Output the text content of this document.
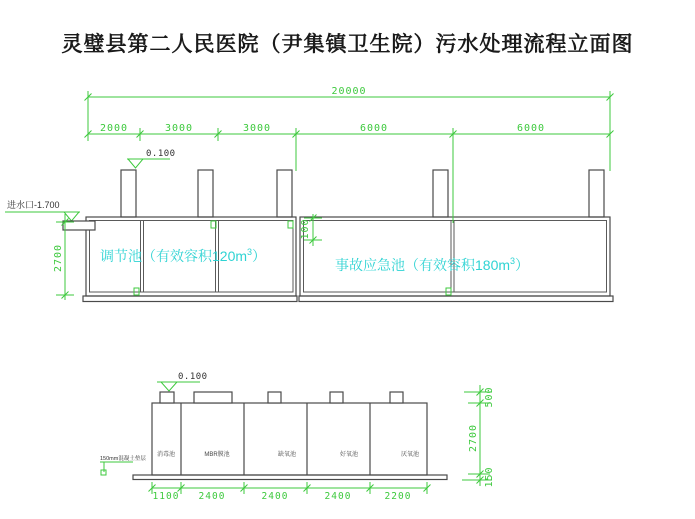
灵璧县第二人民医院（尹集镇卫生院）污水处理流程立面图
20000
2000	3000	3000	6000	6000
0.100
进水口-1.700
2700
100
调节池（有效容积$120m^3$）
事故应急池（有效容积$180m^3$）
0.100
消毒池	MBR膜池	缺氧池	好氧池	厌氧池
150mm混凝土垫层
1100 2400	2400	2400	2200
500
2700
150
